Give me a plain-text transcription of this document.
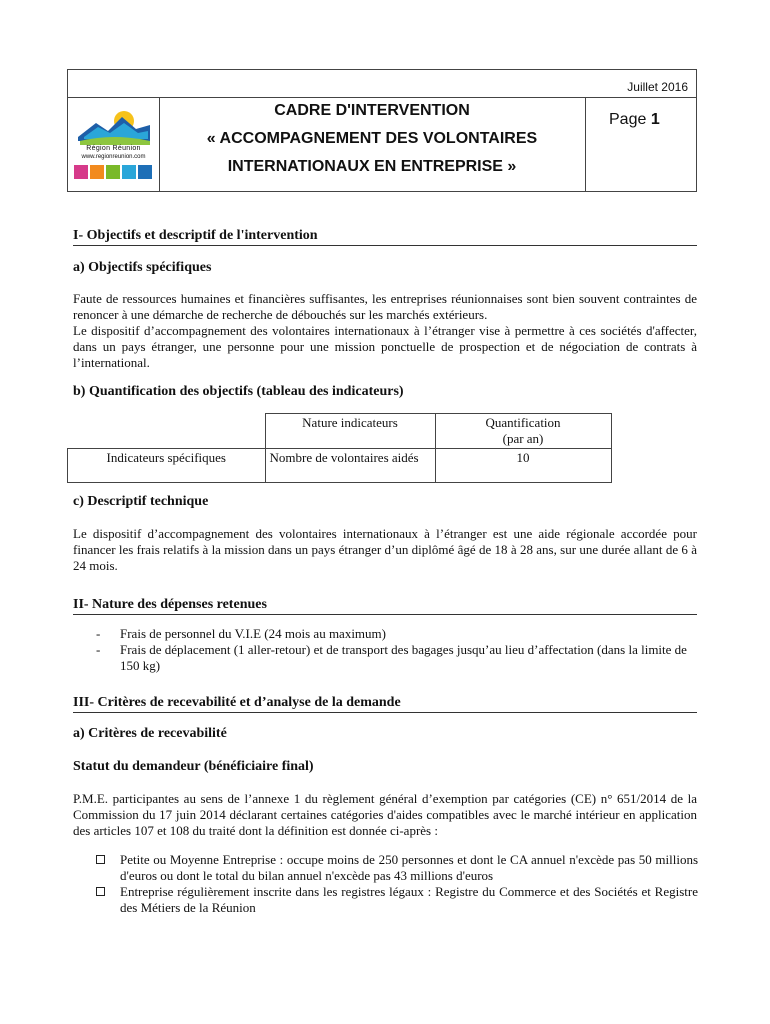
Juillet 2016
Région Réunion
www.regionreunion.com
CADRE D'INTERVENTION
« ACCOMPAGNEMENT DES VOLONTAIRES
INTERNATIONAUX EN ENTREPRISE »
Page 1
I- Objectifs et descriptif de l'intervention
a) Objectifs spécifiques

Faute de ressources humaines et financières suffisantes, les entreprises réunionnaises sont bien souvent contraintes de renoncer à une démarche de recherche de débouchés sur les marchés extérieurs.

Le dispositif d’accompagnement des volontaires internationaux à l’étranger vise à permettre à ces sociétés d'affecter, dans un pays étranger, une personne pour une mission ponctuelle de prospection et de négociation de contrats à l’international.

b) Quantification des objectifs (tableau des indicateurs)
	Nature indicateurs	Quantification
(par an)

Indicateurs spécifiques	Nombre de volontaires aidés	10
c) Descriptif technique

Le dispositif d’accompagnement des volontaires internationaux à l’étranger est une aide régionale accordée pour financer les frais relatifs à la mission dans un pays étranger d’un diplômé âgé de 18 à 28 ans, sur une durée allant de 6 à 24 mois.

II- Nature des dépenses retenues
- Frais de personnel du V.I.E (24 mois au maximum)
- Frais de déplacement (1 aller-retour) et de transport des bagages jusqu’au lieu d’affectation (dans la limite de 150 kg)
III- Critères de recevabilité et d’analyse de la demande
a) Critères de recevabilité
Statut du demandeur (bénéficiaire final)

P.M.E. participantes au sens de l’annexe 1 du règlement général d’exemption par catégories (CE) n° 651/2014 de la Commission du 17 juin 2014 déclarant certaines catégories d'aides compatibles avec le marché intérieur en application des articles 107 et 108 du traité dont la définition est donnée ci-après :

Petite ou Moyenne Entreprise : occupe moins de 250 personnes et dont le CA annuel n'excède pas 50 millions d'euros ou dont le total du bilan annuel n'excède pas 43 millions d'euros
Entreprise régulièrement inscrite dans les registres légaux : Registre du Commerce et des Sociétés et Registre des Métiers de la Réunion
